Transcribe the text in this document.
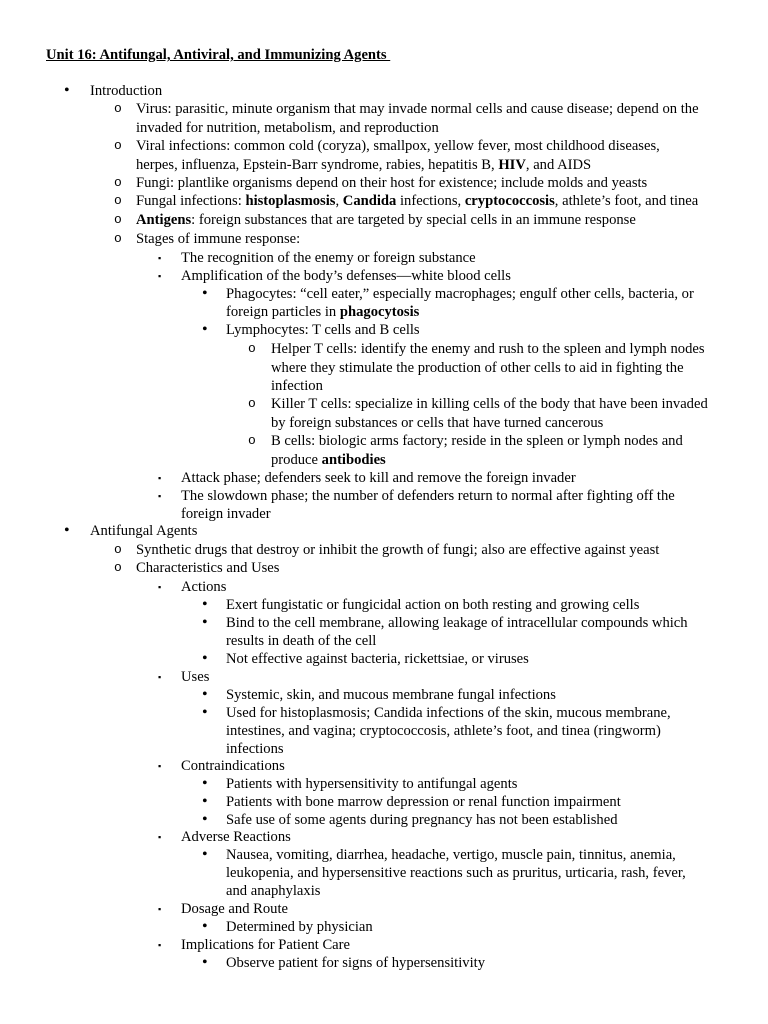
Unit 16: Antifungal, Antiviral, and Immunizing Agents
• Introduction
o Virus: parasitic, minute organism that may invade normal cells and cause disease; depend on the
invaded for nutrition, metabolism, and reproduction
o Viral infections: common cold (coryza), smallpox, yellow fever, most childhood diseases,
herpes, influenza, Epstein-Barr syndrome, rabies, hepatitis B, HIV, and AIDS
o Fungi: plantlike organisms depend on their host for existence; include molds and yeasts
o Fungal infections: histoplasmosis, Candida infections, cryptococcosis, athlete’s foot, and tinea
o Antigens: foreign substances that are targeted by special cells in an immune response
o Stages of immune response:
▪ The recognition of the enemy or foreign substance
▪ Amplification of the body’s defenses—white blood cells
• Phagocytes: “cell eater,” especially macrophages; engulf other cells, bacteria, or
foreign particles in phagocytosis
• Lymphocytes: T cells and B cells
o Helper T cells: identify the enemy and rush to the spleen and lymph nodes
where they stimulate the production of other cells to aid in fighting the
infection
o Killer T cells: specialize in killing cells of the body that have been invaded
by foreign substances or cells that have turned cancerous
o B cells: biologic arms factory; reside in the spleen or lymph nodes and
produce antibodies
▪ Attack phase; defenders seek to kill and remove the foreign invader
▪ The slowdown phase; the number of defenders return to normal after fighting off the
foreign invader
• Antifungal Agents
o Synthetic drugs that destroy or inhibit the growth of fungi; also are effective against yeast
o Characteristics and Uses
▪ Actions
• Exert fungistatic or fungicidal action on both resting and growing cells
• Bind to the cell membrane, allowing leakage of intracellular compounds which
results in death of the cell
• Not effective against bacteria, rickettsiae, or viruses
▪ Uses
• Systemic, skin, and mucous membrane fungal infections
• Used for histoplasmosis; Candida infections of the skin, mucous membrane,
intestines, and vagina; cryptococcosis, athlete’s foot, and tinea (ringworm)
infections
▪ Contraindications
• Patients with hypersensitivity to antifungal agents
• Patients with bone marrow depression or renal function impairment
• Safe use of some agents during pregnancy has not been established
▪ Adverse Reactions
• Nausea, vomiting, diarrhea, headache, vertigo, muscle pain, tinnitus, anemia,
leukopenia, and hypersensitive reactions such as pruritus, urticaria, rash, fever,
and anaphylaxis
▪ Dosage and Route
• Determined by physician
▪ Implications for Patient Care
• Observe patient for signs of hypersensitivity
